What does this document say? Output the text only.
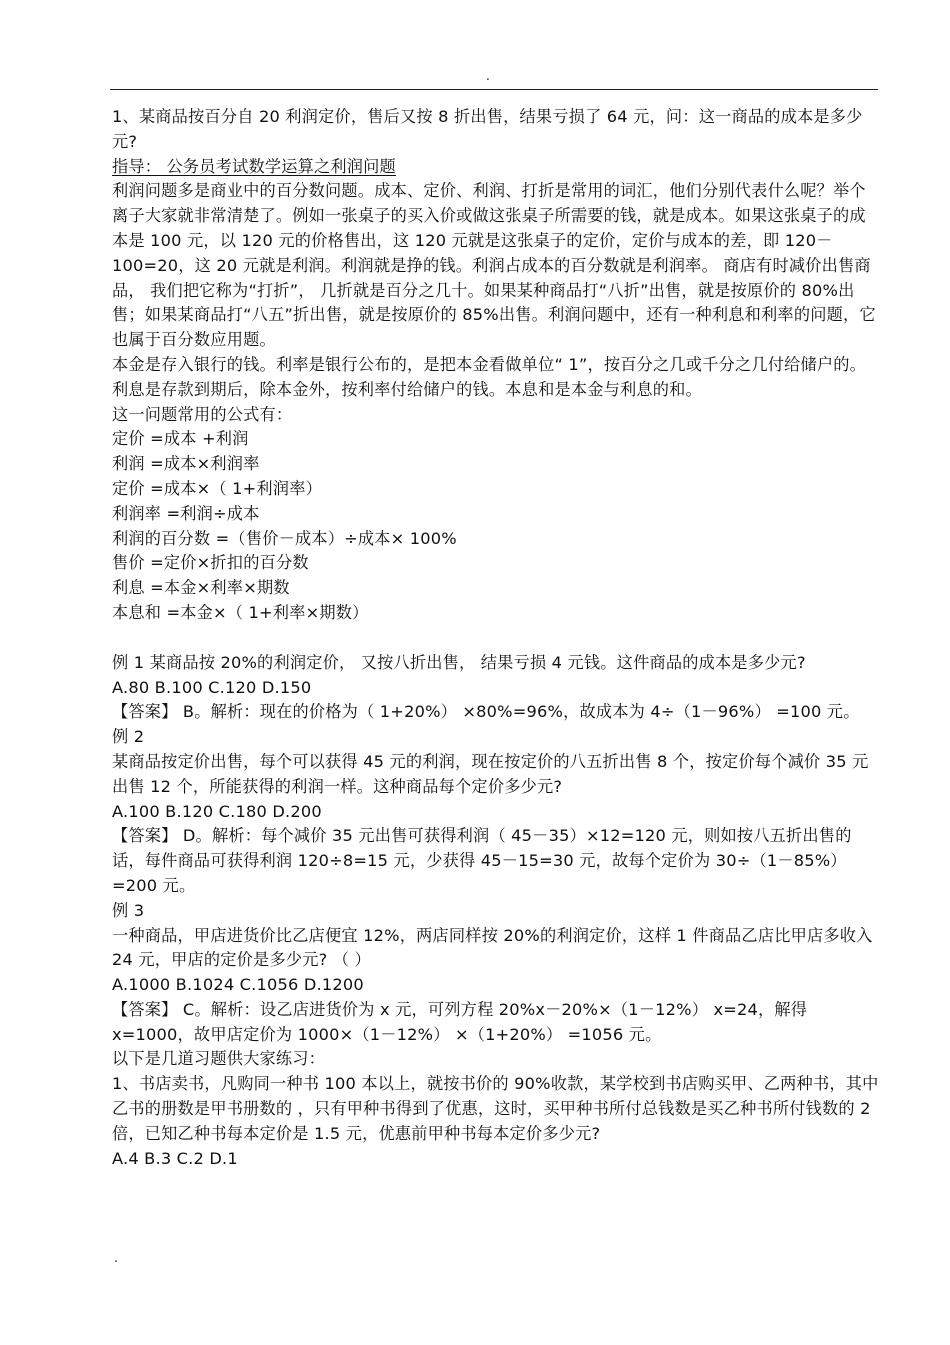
.

1、某商品按百分自 20 利润定价，售后又按 8 折出售，结果亏损了 64 元，问：这一商品的成本是多少元?

指导： 公务员考试数学运算之利润问题

利润问题多是商业中的百分数问题。成本、定价、利润、打折是常用的词汇，他们分别代表什么呢？举个离子大家就非常清楚了。例如一张桌子的买入价或做这张桌子所需要的钱，就是成本。如果这张桌子的成本是 100 元，以 120 元的价格售出，这 120 元就是这张桌子的定价，定价与成本的差，即 120－100=20，这 20 元就是利润。利润就是挣的钱。利润占成本的百分数就是利润率。 商店有时减价出售商品， 我们把它称为“打折”， 几折就是百分之几十。如果某种商品打“八折”出售，就是按原价的 80%出售；如果某商品打“八五”折出售，就是按原价的 85%出售。利润问题中，还有一种利息和利率的问题，它也属于百分数应用题。

本金是存入银行的钱。利率是银行公布的，是把本金看做单位“ 1”，按百分之几或千分之几付给储户的。利息是存款到期后，除本金外，按利率付给储户的钱。本息和是本金与利息的和。

这一问题常用的公式有：

定价 =成本 +利润

利润 =成本×利润率

定价 =成本×（ 1+利润率）

利润率 =利润÷成本

利润的百分数 =（售价－成本）÷成本× 100%

售价 =定价×折扣的百分数

利息 =本金×利率×期数

本息和 =本金×（ 1+利率×期数）

例 1 某商品按 20%的利润定价， 又按八折出售， 结果亏损 4 元钱。这件商品的成本是多少元?

A.80 B.100 C.120 D.150

【答案】 B。解析：现在的价格为（ 1+20%） ×80%=96%，故成本为 4÷（1－96%） =100 元。

例 2

某商品按定价出售，每个可以获得 45 元的利润，现在按定价的八五折出售 8 个，按定价每个减价 35 元出售 12 个，所能获得的利润一样。这种商品每个定价多少元?

A.100 B.120 C.180 D.200

【答案】 D。解析：每个减价 35 元出售可获得利润（ 45－35）×12=120 元，则如按八五折出售的话，每件商品可获得利润 120÷8=15 元，少获得 45－15=30 元，故每个定价为 30÷（1－85%） =200 元。

例 3

一种商品，甲店进货价比乙店便宜 12%，两店同样按 20%的利润定价，这样 1 件商品乙店比甲店多收入 24 元，甲店的定价是多少元? （ ）

A.1000 B.1024 C.1056 D.1200

【答案】 C。解析：设乙店进货价为 x 元，可列方程 20%x－20%×（1－12%） x=24，解得 x=1000，故甲店定价为 1000×（1－12%） ×（1+20%） =1056 元。

以下是几道习题供大家练习：

1、书店卖书，凡购同一种书 100 本以上，就按书价的 90%收款，某学校到书店购买甲、乙两种书，其中乙书的册数是甲书册数的 ，只有甲种书得到了优惠，这时，买甲种书所付总钱数是买乙种书所付钱数的 2 倍，已知乙种书每本定价是 1.5 元，优惠前甲种书每本定价多少元?

A.4 B.3 C.2 D.1

.
